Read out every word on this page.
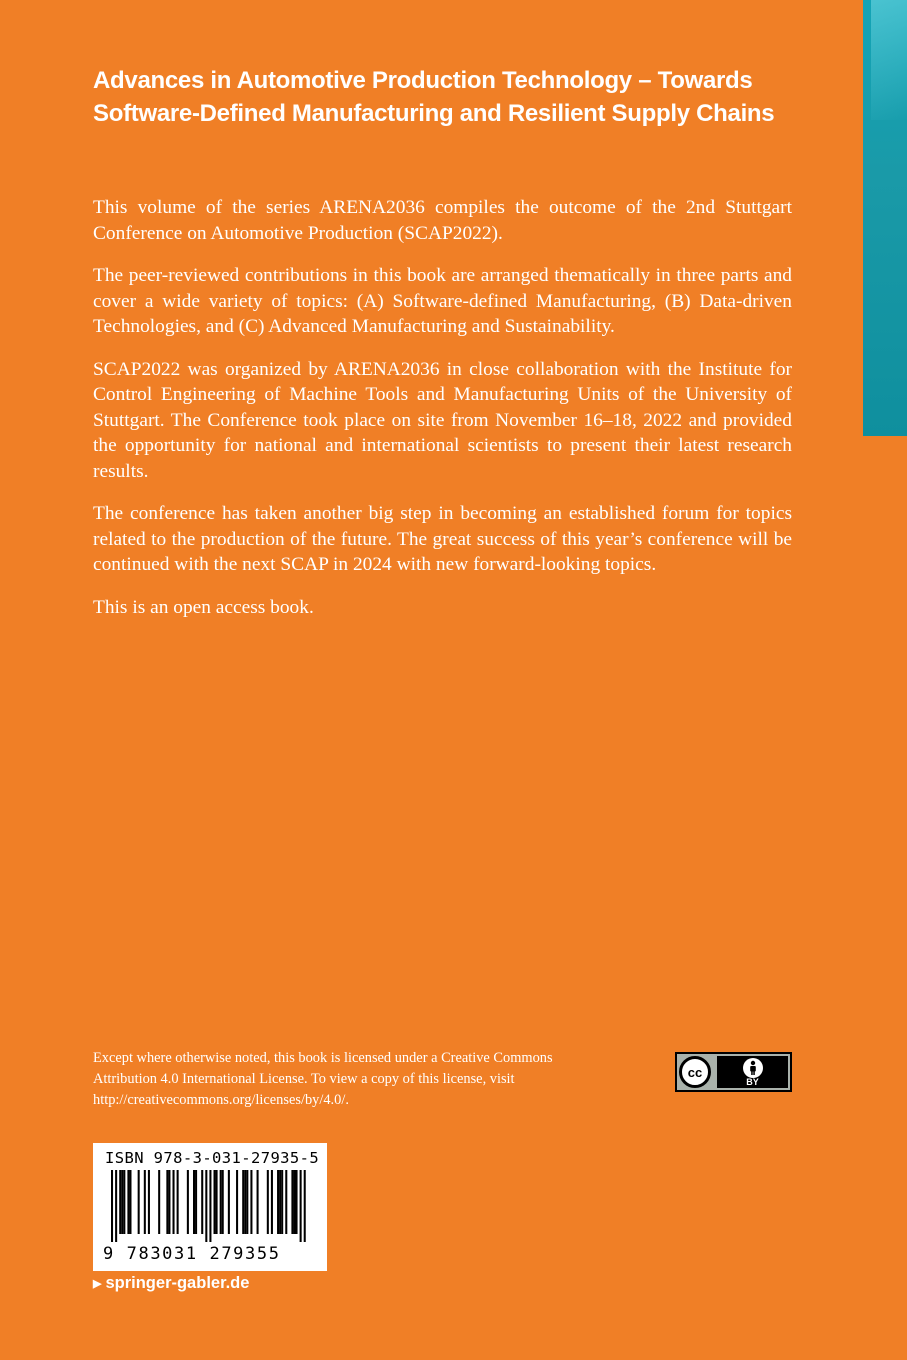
Advances in Automotive Production Technology – Towards
Software-Defined Manufacturing and Resilient Supply Chains

This volume of the series ARENA2036 compiles the outcome of the 2nd Stuttgart Conference on Automotive Production (SCAP2022).

The peer-reviewed contributions in this book are arranged thematically in three parts and cover a wide variety of topics: (A) Software-defined Manufacturing, (B) Data-driven Technologies, and (C) Advanced Manufacturing and Sustainability.

SCAP2022 was organized by ARENA2036 in close collaboration with the Institute for Control Engineering of Machine Tools and Manufacturing Units of the University of Stuttgart. The Conference took place on site from November 16–18, 2022 and provided the opportunity for national and international scientists to present their latest research results.

The conference has taken another big step in becoming an established forum for topics related to the production of the future. The great success of this year’s conference will be continued with the next SCAP in 2024 with new forward-looking topics.

This is an open access book.

Except where otherwise noted, this book is licensed under a Creative Commons Attribution 4.0 International License. To view a copy of this license, visit http://creativecommons.org/licenses/by/4.0/.

cc
BY
ISBN 978-3-031-27935-5
9 783031 279355
▶ springer-gabler.de
